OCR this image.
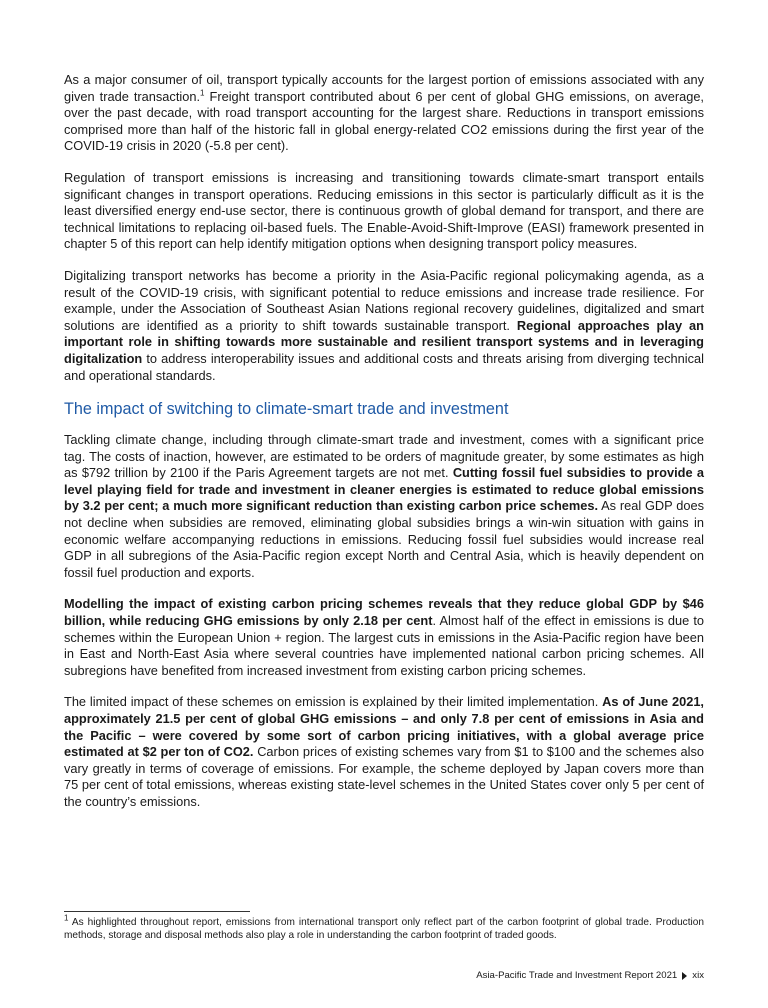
As a major consumer of oil, transport typically accounts for the largest portion of emissions associated with any given trade transaction.$^1$ Freight transport contributed about 6 per cent of global GHG emissions, on average, over the past decade, with road transport accounting for the largest share. Reductions in transport emissions comprised more than half of the historic fall in global energy-related CO2 emissions during the first year of the COVID-19 crisis in 2020 (-5.8 per cent).

Regulation of transport emissions is increasing and transitioning towards climate-smart transport entails significant changes in transport operations. Reducing emissions in this sector is particularly difficult as it is the least diversified energy end-use sector, there is continuous growth of global demand for transport, and there are technical limitations to replacing oil-based fuels. The Enable-Avoid-Shift-Improve (EASI) framework presented in chapter 5 of this report can help identify mitigation options when designing transport policy measures.

Digitalizing transport networks has become a priority in the Asia-Pacific regional policymaking agenda, as a result of the COVID-19 crisis, with significant potential to reduce emissions and increase trade resilience. For example, under the Association of Southeast Asian Nations regional recovery guidelines, digitalized and smart solutions are identified as a priority to shift towards sustainable transport. Regional approaches play an important role in shifting towards more sustainable and resilient transport systems and in leveraging digitalization to address interoperability issues and additional costs and threats arising from diverging technical and operational standards.

The impact of switching to climate-smart trade and investment

Tackling climate change, including through climate-smart trade and investment, comes with a significant price tag. The costs of inaction, however, are estimated to be orders of magnitude greater, by some estimates as high as $792 trillion by 2100 if the Paris Agreement targets are not met. Cutting fossil fuel subsidies to provide a level playing field for trade and investment in cleaner energies is estimated to reduce global emissions by 3.2 per cent; a much more significant reduction than existing carbon price schemes. As real GDP does not decline when subsidies are removed, eliminating global subsidies brings a win-win situation with gains in economic welfare accompanying reductions in emissions. Reducing fossil fuel subsidies would increase real GDP in all subregions of the Asia-Pacific region except North and Central Asia, which is heavily dependent on fossil fuel production and exports.

Modelling the impact of existing carbon pricing schemes reveals that they reduce global GDP by $46 billion, while reducing GHG emissions by only 2.18 per cent. Almost half of the effect in emissions is due to schemes within the European Union + region. The largest cuts in emissions in the Asia-Pacific region have been in East and North-East Asia where several countries have implemented national carbon pricing schemes. All subregions have benefited from increased investment from existing carbon pricing schemes.

The limited impact of these schemes on emission is explained by their limited implementation. As of June 2021, approximately 21.5 per cent of global GHG emissions – and only 7.8 per cent of emissions in Asia and the Pacific – were covered by some sort of carbon pricing initiatives, with a global average price estimated at $2 per ton of CO2. Carbon prices of existing schemes vary from $1 to $100 and the schemes also vary greatly in terms of coverage of emissions. For example, the scheme deployed by Japan covers more than 75 per cent of total emissions, whereas existing state-level schemes in the United States cover only 5 per cent of the country’s emissions.

$^1$ As highlighted throughout report, emissions from international transport only reflect part of the carbon footprint of global trade. Production methods, storage and disposal methods also play a role in understanding the carbon footprint of traded goods.
Asia-Pacific Trade and Investment Report 2021 xix
